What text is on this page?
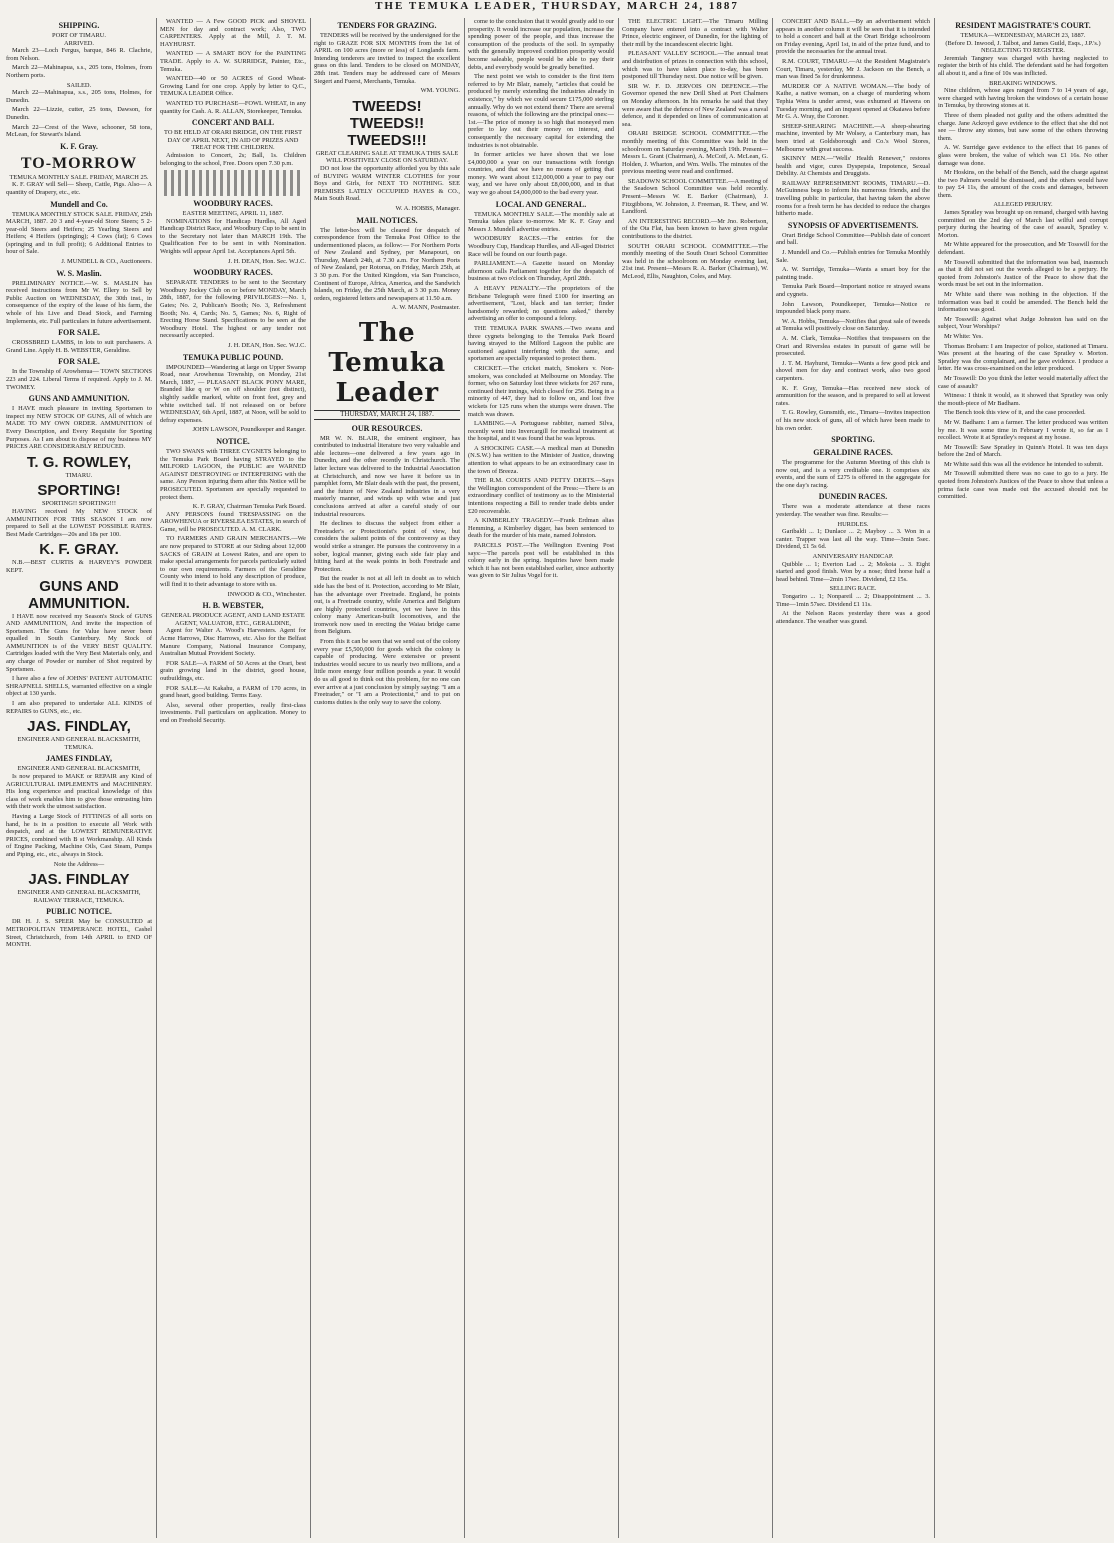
THE TEMUKA LEADER, THURSDAY, MARCH 24, 1887
SHIPPING.
PORT OF TIMARU.
ARRIVED.
March 23—Loch Fergus, barque, 846 R. Clachrie, from Nelson.
March 22—Mahinapua, s.s., 205 tons, Holmes, from Northern ports.
SAILED.
March 22—Mahinapua, s.s., 205 tons, Holmes, for Dunedin.
March 22—Lizzie, cutter, 25 tons, Dawson, for Dunedin.
March 22—Crest of the Wave, schooner, 58 tons, McLean, for Stewart's Island.
K. F. Gray.
TO-MORROW
TEMUKA MONTHLY SALE. FRIDAY, MARCH 25.
K. F. GRAY will Sell— Sheep, Cattle, Pigs. Also— A quantity of Drapery, etc., etc.
Mundell and Co.
TEMUKA MONTHLY STOCK SALE. FRIDAY, 25th MARCH, 1887. 20 3 and 4-year-old Store Steers; 5 2-year-old Steers and Heifers; 25 Yearling Steers and Heifers; 4 Heifers (springing); 4 Cows (fat); 6 Cows (springing and in full profit); 6 Additional Entries to hour of Sale.
J. MUNDELL & CO., Auctioneers.
W. S. Maslin.
PRELIMINARY NOTICE.—W. S. MASLIN has received instructions from Mr W. Ellery to Sell by Public Auction on WEDNESDAY, the 30th inst., in consequence of the expiry of the lease of his farm, the whole of his Live and Dead Stock, and Farming Implements, etc. Full particulars in future advertisement.
FOR SALE.
CROSSBRED LAMBS, in lots to suit purchasers. A Grand Line. Apply H. B. WEBSTER, Geraldine.
FOR SALE.
In the Township of Arowhenua— TOWN SECTIONS 223 and 224. Liberal Terms if required. Apply to J. M. TWOMEY.
GUNS AND AMMUNITION.
I HAVE much pleasure in inviting Sportsmen to inspect my NEW STOCK OF GUNS, All of which are MADE TO MY OWN ORDER. AMMUNITION of Every Description, and Every Requisite for Sporting Purposes. As I am about to dispose of my business MY PRICES ARE CONSIDERABLY REDUCED.
T. G. ROWLEY,
TIMARU.
SPORTING!
SPORTING!! SPORTING!!!
HAVING received My NEW STOCK of AMMUNITION FOR THIS SEASON I am now prepared to Sell at the LOWEST POSSIBLE RATES. Best Made Cartridges—20s and 18s per 100.
K. F. GRAY.
N.B.—BEST CURTIS & HARVEY'S POWDER KEPT.
GUNS AND AMMUNITION.
I HAVE now received my Season's Stock of GUNS AND AMMUNITION, And invite the inspection of Sportsmen. The Guns for Value have never been equalled in South Canterbury. My Stock of AMMUNITION is of the VERY BEST QUALITY. Cartridges loaded with the Very Best Materials only, and any charge of Powder or number of Shot required by Sportsmen.
I have also a few of JOHNS' PATENT AUTOMATIC SHRAPNELL SHELLS, warranted effective on a single object at 130 yards.
I am also prepared to undertake ALL KINDS of REPAIRS to GUNS, etc., etc.
JAS. FINDLAY,
ENGINEER AND GENERAL BLACKSMITH, TEMUKA.
JAMES FINDLAY,
ENGINEER AND GENERAL BLACKSMITH,
Is now prepared to MAKE or REPAIR any Kind of AGRICULTURAL IMPLEMENTS and MACHINERY. His long experience and practical knowledge of this class of work enables him to give those entrusting him with their work the utmost satisfaction.
Having a Large Stock of FITTINGS of all sorts on hand, he is in a position to execute all Work with despatch, and at the LOWEST REMUNERATIVE PRICES, combined with B st Workmanship. All Kinds of Engine Packing, Machine Oils, Cast Steam, Pumps and Piping, etc., etc., always in Stock.
Note the Address—
JAS. FINDLAY
ENGINEER AND GENERAL BLACKSMITH, RAILWAY TERRACE, TEMUKA.
PUBLIC NOTICE.
DR H. J. S. SPEER May be CONSULTED at METROPOLITAN TEMPERANCE HOTEL, Cashel Street, Christchurch, from 14th APRIL to END OF MONTH.
WANTED — A Few GOOD PICK and SHOVEL MEN for day and contract work; Also, TWO CARPENTERS. Apply at the Mill, J. T. M. HAYHURST.
WANTED — A SMART BOY for the PAINTING TRADE. Apply to A. W. SURRIDGE, Painter, Etc., Temuka.
WANTED—40 or 50 ACRES of Good Wheat-Growing Land for one crop. Apply by letter to Q.C., TEMUKA LEADER Office.
WANTED TO PURCHASE—FOWL WHEAT, in any quantity for Cash. A. R. ALLAN, Storekeeper, Temuka.
CONCERT AND BALL
TO BE HELD AT ORARI BRIDGE, ON THE FIRST DAY OF APRIL NEXT, IN AID OF PRIZES AND TREAT FOR THE CHILDREN.
Admission to Concert, 2s; Ball, 1s. Children belonging to the school, Free. Doors open 7.30 p.m.
WOODBURY RACES.
EASTER MEETING, APRIL 11, 1887.
NOMINATIONS for Handicap Hurdles, All Aged Handicap District Race, and Woodbury Cup to be sent in to the Secretary not later than MARCH 19th. The Qualification Fee to be sent in with Nomination. Weights will appear April 1st. Acceptances April 5th.
J. H. DEAN, Hon. Sec. W.J.C.
WOODBURY RACES.
SEPARATE TENDERS to be sent to the Secretary Woodbury Jockey Club on or before MONDAY, March 28th, 1887, for the following PRIVILEGES:—No. 1, Gates; No. 2, Publican's Booth; No. 3, Refreshment Booth; No. 4, Cards; No. 5, Games; No. 6, Right of Erecting Horse Stand. Specifications to be seen at the Woodbury Hotel. The highest or any tender not necessarily accepted.
J. H. DEAN, Hon. Sec. W.J.C.
TEMUKA PUBLIC POUND.
IMPOUNDED—Wandering at large on Upper Swamp Road, near Arowhenua Township, on Monday, 21st March, 1887, — PLEASANT BLACK PONY MARE, Branded like q or W on off shoulder (not distinct), slightly saddle marked, white on front feet, grey and white switched tail. If not released on or before WEDNESDAY, 6th April, 1887, at Noon, will be sold to defray expenses.
JOHN LAWSON, Poundkeeper and Ranger.
NOTICE.
TWO SWANS with THREE CYGNETS belonging to the Temuka Park Board having STRAYED to the MILFORD LAGOON, the PUBLIC are WARNED AGAINST DESTROYING or INTERFERING with the same. Any Person injuring them after this Notice will be PROSECUTED. Sportsmen are specially requested to protect them.
K. F. GRAY, Chairman Temuka Park Board.
ANY PERSONS found TRESPASSING on the AROWHENUA or RIVERSLEA ESTATES, in search of Game, will be PROSECUTED. A. M. CLARK.
TO FARMERS AND GRAIN MERCHANTS.—We are now prepared to STORE at our Siding about 12,000 SACKS of GRAIN at Lowest Rates, and are open to make special arrangements for parcels particularly suited to our own requirements. Farmers of the Geraldine County who intend to hold any description of produce, will find it to their advantage to store with us.
INWOOD & CO., Winchester.
H. B. WEBSTER,
GENERAL PRODUCE AGENT, AND LAND ESTATE AGENT, VALUATOR, ETC., GERALDINE,
Agent for Walter A. Wood's Harvesters. Agent for Acme Harrows, Disc Harrows, etc. Also for the Belfast Manure Company, National Insurance Company, Australian Mutual Provident Society.
FOR SALE—A FARM of 50 Acres at the Orari, best grain growing land in the district, good house, outbuildings, etc.
FOR SALE—At Kakahu, a FARM of 170 acres, in grand heart, good building. Terms Easy.
Also, several other properties, really first-class investments. Full particulars on application. Money to end on Freehold Security.
TENDERS FOR GRAZING.
TENDERS will be received by the undersigned for the right to GRAZE FOR SIX MONTHS from the 1st of APRIL on 100 acres (more or less) of Longlands farm. Intending tenderers are invited to inspect the excellent grass on this land. Tenders to be closed on MONDAY, 28th inst. Tenders may be addressed care of Messrs Siegert and Fuerst, Merchants, Temuka.
WM. YOUNG.
TWEEDS! TWEEDS!! TWEEDS!!!
GREAT CLEARING SALE AT TEMUKA THIS SALE WILL POSITIVELY CLOSE ON SATURDAY.
DO not lose the opportunity afforded you by this sale of BUYING WARM WINTER CLOTHES for your Boys and Girls, for NEXT TO NOTHING. SEE PREMISES LATELY OCCUPIED HAYES & CO., Main South Road.
W. A. HOBBS, Manager.
MAIL NOTICES.
The letter-box will be cleared for despatch of correspondence from the Temuka Post Office to the undermentioned places, as follow:— For Northern Ports of New Zealand and Sydney, per Manapouri, on Thursday, March 24th, at 7.30 a.m. For Northern Ports of New Zealand, per Rotorua, on Friday, March 25th, at 3 30 p.m. For the United Kingdom, via San Francisco, Continent of Europe, Africa, America, and the Sandwich Islands, on Friday, the 25th March, at 3 30 p.m. Money orders, registered letters and newspapers at 11.50 a.m.
A. W. MANN, Postmaster.
The Temuka Leader
THURSDAY, MARCH 24, 1887.
OUR RESOURCES.
MR W. N. BLAIR, the eminent engineer, has contributed to industrial literature two very valuable and able lectures—one delivered a few years ago in Dunedin, and the other recently in Christchurch. The latter lecture was delivered to the Industrial Association at Christchurch, and now we have it before us in pamphlet form, Mr Blair deals with the past, the present, and the future of New Zealand industries in a very masterly manner, and winds up with wise and just conclusions arrived at after a careful study of our industrial resources.
He declines to discuss the subject from either a Freetrader's or Protectionist's point of view, but considers the salient points of the controversy as they would strike a stranger. He pursues the controversy in a sober, logical manner, giving each side fair play and hitting hard at the weak points in both Freetrade and Protection.
But the reader is not at all left in doubt as to which side has the best of it. Protection, according to Mr Blair, has the advantage over Freetrade. England, he points out, is a Freetrade country, while America and Belgium are highly protected countries, yet we have in this colony many American-built locomotives, and the ironwork now used in erecting the Waiau bridge came from Belgium.
From this it can be seen that we send out of the colony every year £5,500,000 for goods which the colony is capable of producing. Were extensive or present industries would secure to us nearly two millions, and a little more energy four million pounds a year. It would do us all good to think out this problem, for no one can ever arrive at a just conclusion by simply saying: "I am a Freetrader," or "I am a Protectionist," and to put on customs duties is the only way to save the colony.
come to the conclusion that it would greatly add to our prosperity. It would increase our population, increase the spending power of the people, and thus increase the consumption of the products of the soil. In sympathy with the generally improved condition prosperity would become saleable, people would be able to pay their debts, and everybody would be greatly benefited.
The next point we wish to consider is the first item referred to by Mr Blair, namely, "articles that could be produced by merely extending the industries already in existence," by which we could secure £175,000 sterling annually. Why do we not extend them? There are several reasons, of which the following are the principal ones:—1st.—The price of money is so high that moneyed men prefer to lay out their money on interest, and consequently the necessary capital for extending the industries is not obtainable.
In former articles we have shown that we lose £4,000,000 a year on our transactions with foreign countries, and that we have no means of getting that money. We want about £12,000,000 a year to pay our way, and we have only about £8,000,000, and in that way we go about £4,000,000 to the bad every year.
LOCAL AND GENERAL.
TEMUKA MONTHLY SALE.—The monthly sale at Temuka takes place to-morrow. Mr K. F. Gray and Messrs J. Mundell advertise entries.
WOODBURY RACES.—The entries for the Woodbury Cup, Handicap Hurdles, and All-aged District Race will be found on our fourth page.
PARLIAMENT.—A Gazette issued on Monday afternoon calls Parliament together for the despatch of business at two o'clock on Thursday, April 28th.
A HEAVY PENALTY.—The proprietors of the Brisbane Telegraph were fined £100 for inserting an advertisement, "Lost, black and tan terrier; finder handsomely rewarded; no questions asked," thereby advertising an offer to compound a felony.
THE TEMUKA PARK SWANS.—Two swans and three cygnets belonging to the Temuka Park Board having strayed to the Milford Lagoon the public are cautioned against interfering with the same, and sportsmen are specially requested to protect them.
CRICKET.—The cricket match, Smokers v. Non-smokers, was concluded at Melbourne on Monday. The former, who on Saturday lost three wickets for 267 runs, continued their innings, which closed for 256. Being in a minority of 447, they had to follow on, and lost five wickets for 125 runs when the stumps were drawn. The match was drawn.
LAMBING.—A Portuguese rabbiter, named Silva, recently went into Invercargill for medical treatment at the hospital, and it was found that he was leprous.
A SHOCKING CASE.—A medical man at Dunedin (N.S.W.) has written to the Minister of Justice, drawing attention to what appears to be an extraordinary case in the town of Breeza.
THE R.M. COURTS AND PETTY DEBTS.—Says the Wellington correspondent of the Press:—There is an extraordinary conflict of testimony as to the Ministerial intentions respecting a Bill to render trade debts under £20 recoverable.
A KIMBERLEY TRAGEDY.—Frank Erdman alias Hemming, a Kimberley digger, has been sentenced to death for the murder of his mate, named Johnston.
PARCELS POST.—The Wellington Evening Post says:—The parcels post will be established in this colony early in the spring. Inquiries have been made which it has not been established earlier, since authority was given to Sir Julius Vogel for it.
THE ELECTRIC LIGHT.—The Timaru Milling Company have entered into a contract with Walter Prince, electric engineer, of Dunedin, for the lighting of their mill by the incandescent electric light.
PLEASANT VALLEY SCHOOL.—The annual treat and distribution of prizes in connection with this school, which was to have taken place to-day, has been postponed till Thursday next. Due notice will be given.
SIR W. F. D. JERVOIS ON DEFENCE.—The Governor opened the new Drill Shed at Port Chalmers on Monday afternoon. In his remarks he said that they were aware that the defence of New Zealand was a naval defence, and it depended on lines of communication at sea.
ORARI BRIDGE SCHOOL COMMITTEE.—The monthly meeting of this Committee was held in the schoolroom on Saturday evening, March 19th. Present—Messrs L. Grant (Chairman), A. McCoif, A. McLean, G. Holden, J. Wharton, and Wm. Wells. The minutes of the previous meeting were read and confirmed.
SEADOWN SCHOOL COMMITTEE.—A meeting of the Seadown School Committee was held recently. Present—Messrs W. E. Barker (Chairman), J. Fitzgibbons, W. Johnston, J. Freeman, R. Thew, and W. Landford.
AN INTERESTING RECORD.—Mr Jno. Robertson, of the Ota Flat, has been known to have given regular contributions to the district.
SOUTH ORARI SCHOOL COMMITTEE.—The monthly meeting of the South Orari School Committee was held in the schoolroom on Monday evening last, 21st inst. Present—Messrs R. A. Barker (Chairman), W. McLeod, Ellis, Naughton, Coles, and May.
CONCERT AND BALL.—By an advertisement which appears in another column it will be seen that it is intended to hold a concert and ball at the Orari Bridge schoolroom on Friday evening, April 1st, in aid of the prize fund, and to provide the necessaries for the annual treat.
R.M. COURT, TIMARU.—At the Resident Magistrate's Court, Timaru, yesterday, Mr J. Jackson on the Bench, a man was fined 5s for drunkenness.
MURDER OF A NATIVE WOMAN.—The body of Kaihe, a native woman, on a charge of murdering whom Tephia Wera is under arrest, was exhumed at Hawera on Tuesday morning, and an inquest opened at Okaiawa before Mr G. A. Wray, the Coroner.
SHEEP-SHEARING MACHINE.—A sheep-shearing machine, invented by Mr Wolsey, a Canterbury man, has been tried at Goldsborough and Co.'s Wool Stores, Melbourne with great success.
SKINNY MEN.—"Wells' Health Renewer," restores health and vigor, cures Dyspepsia, Impotence, Sexual Debility. At Chemists and Druggists.
RAILWAY REFRESHMENT ROOMS, TIMARU.—D. McGuinness begs to inform his numerous friends, and the travelling public in particular, that having taken the above rooms for a fresh term he has decided to reduce the charges hitherto made.
SYNOPSIS OF ADVERTISEMENTS.
Orari Bridge School Committee—Publish date of concert and ball.
J. Mundell and Co.—Publish entries for Temuka Monthly Sale.
A. W. Surridge, Temuka—Wants a smart boy for the painting trade.
Temuka Park Board—Important notice re strayed swans and cygnets.
John Lawson, Poundkeeper, Temuka—Notice re impounded black pony mare.
W. A. Hobbs, Temuka—Notifies that great sale of tweeds at Temuka will positively close on Saturday.
A. M. Clark, Temuka—Notifies that trespassers on the Orari and Riverslea estates in pursuit of game will be prosecuted.
J. T. M. Hayhurst, Temuka—Wants a few good pick and shovel men for day and contract work, also two good carpenters.
K. F. Gray, Temuka—Has received new stock of ammunition for the season, and is prepared to sell at lowest rates.
T. G. Rowley, Gunsmith, etc., Timaru—Invites inspection of his new stock of guns, all of which have been made to his own order.
SPORTING.
GERALDINE RACES.
The programme for the Autumn Meeting of this club is now out, and is a very creditable one. It comprises six events, and the sum of £275 is offered in the aggregate for the one day's racing.
DUNEDIN RACES.
There was a moderate attendance at these races yesterday. The weather was fine. Results:—
HURDLES.
Garibaldi ... 1; Dunlace ... 2; Mayboy ... 3. Won in a canter. Trapper was last all the way. Time—3min 5sec. Dividend, £1 5s 6d.
ANNIVERSARY HANDICAP.
Quibble ... 1; Everton Lad ... 2; Mokoia ... 3. Eight started and good finish. Won by a nose; third horse half a head behind. Time—2min 17sec. Dividend, £2 15s.
SELLING RACE.
Tongariro ... 1; Nonpareil ... 2; Disappointment ... 3. Time—1min 57sec. Dividend £1 11s.
At the Nelson Races yesterday there was a good attendance. The weather was grand.
RESIDENT MAGISTRATE'S COURT.
TEMUKA—WEDNESDAY, MARCH 23, 1887.
(Before D. Inwood, J. Talbot, and James Guild, Esqs., J.P.'s.)
NEGLECTING TO REGISTER.
Jeremiah Tangney was charged with having neglected to register the birth of his child. The defendant said he had forgotten all about it, and a fine of 10s was inflicted.
BREAKING WINDOWS.
Nine children, whose ages ranged from 7 to 14 years of age, were charged with having broken the windows of a certain house in Temuka, by throwing stones at it.
Three of them pleaded not guilty and the others admitted the charge. Jane Ackroyd gave evidence to the effect that she did not see — throw any stones, but saw some of the others throwing them.
A. W. Surridge gave evidence to the effect that 16 panes of glass were broken, the value of which was £1 16s. No other damage was done.
Mr Hoskins, on the behalf of the Bench, said the charge against the two Palmers would be dismissed, and the others would have to pay £4 11s, the amount of the costs and damages, between them.
ALLEGED PERJURY.
James Spratley was brought up on remand, charged with having committed on the 2nd day of March last wilful and corrupt perjury during the hearing of the case of assault, Spratley v. Morton.
Mr White appeared for the prosecution, and Mr Tosswill for the defendant.
Mr Tosswill submitted that the information was bad, inasmuch as that it did not set out the words alleged to be a perjury. He quoted from Johnston's Justice of the Peace to show that the words must be set out in the information.
Mr White said there was nothing in the objection. If the information was bad it could be amended. The Bench held the information was good.
Mr Tosswill: Against what Judge Johnston has said on the subject, Your Worships?
Mr White: Yes.
Thomas Brobam: I am Inspector of police, stationed at Timaru. Was present at the hearing of the case Spratley v. Morton. Spratley was the complainant, and he gave evidence. I produce a letter. He was cross-examined on the letter produced.
Mr Tosswill: Do you think the letter would materially affect the case of assault?
Witness: I think it would, as it showed that Spratley was only the mouth-piece of Mr Badham.
The Bench took this view of it, and the case proceeded.
Mr W. Badham: I am a farmer. The letter produced was written by me. It was some time in February I wrote it, so far as I recollect. Wrote it at Spratley's request at my house.
Mr Tosswill: Saw Spratley in Quinn's Hotel. It was ten days before the 2nd of March.
Mr White said this was all the evidence he intended to submit.
Mr Tosswill submitted there was no case to go to a jury. He quoted from Johnston's Justices of the Peace to show that unless a prima facie case was made out the accused should not be committed.
